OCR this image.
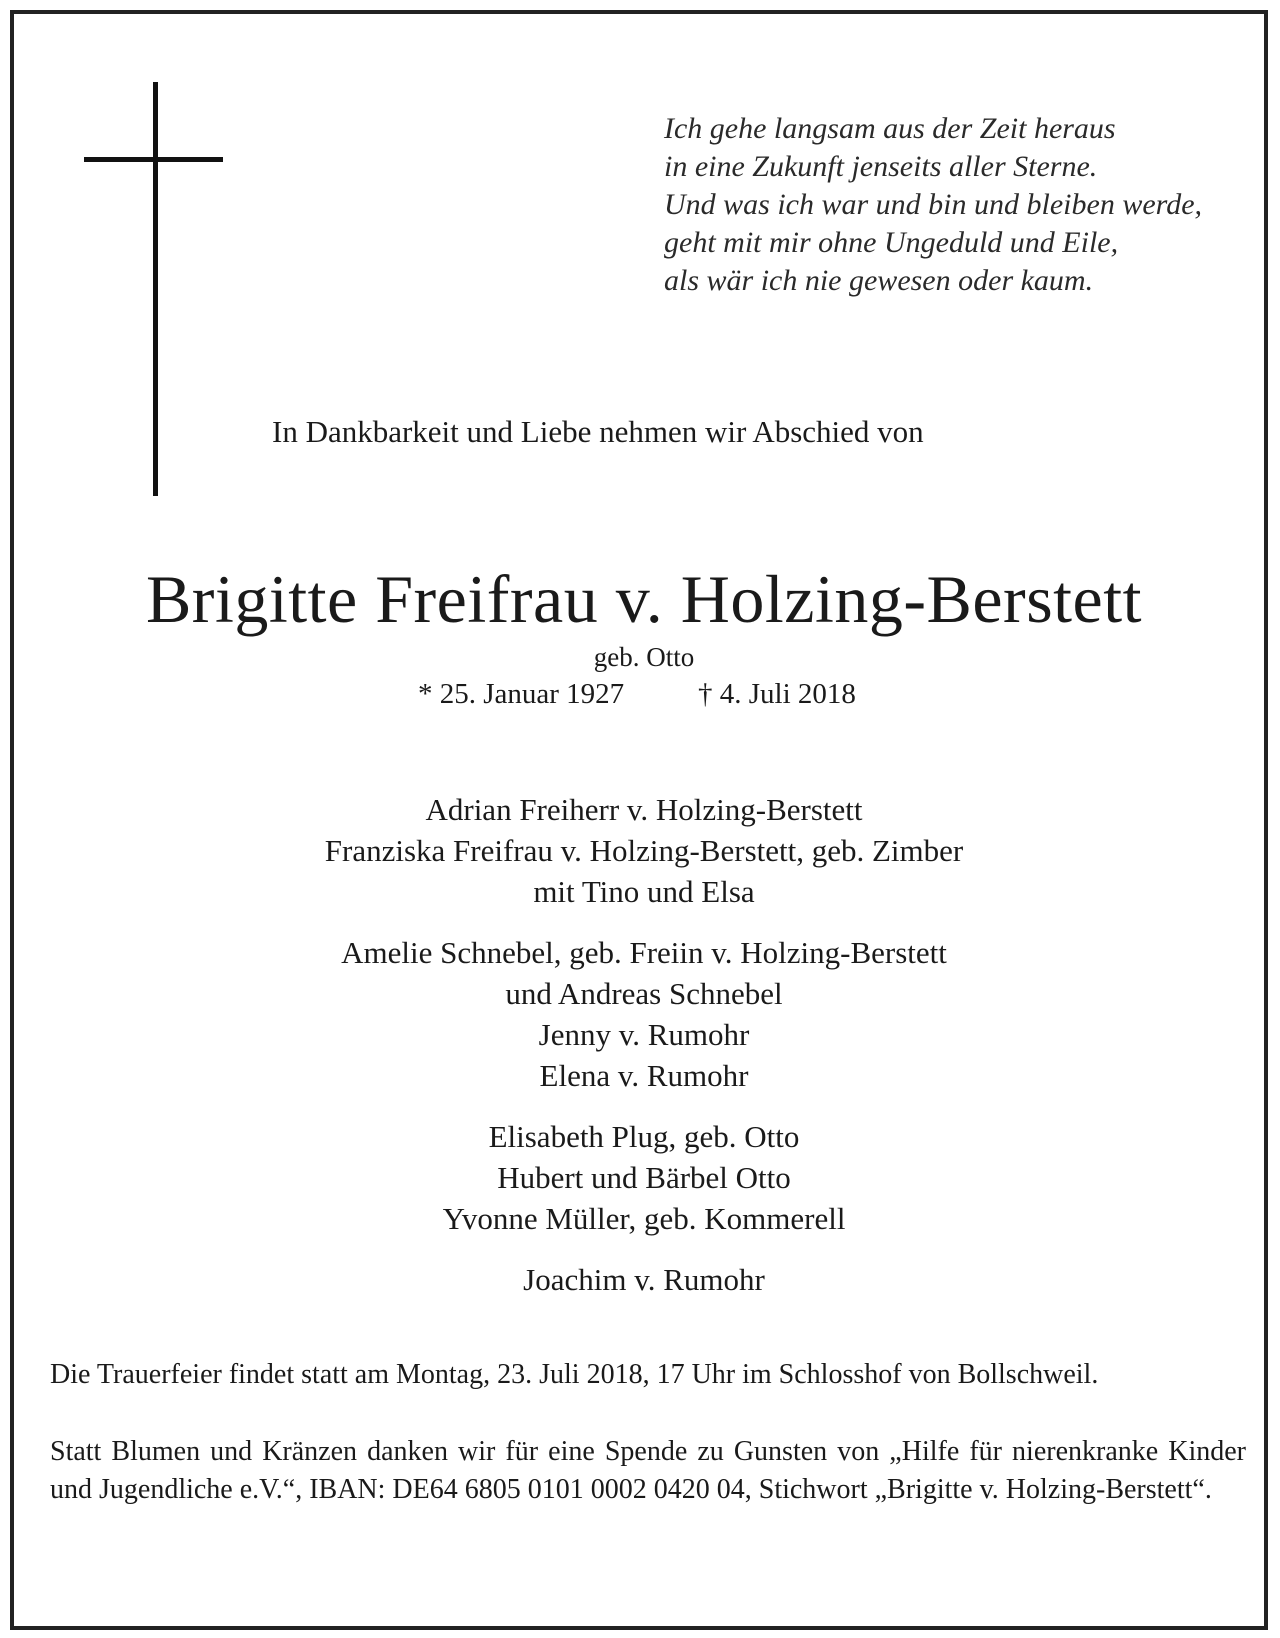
Ich gehe langsam aus der Zeit heraus
in eine Zukunft jenseits aller Sterne.
Und was ich war und bin und bleiben werde,
geht mit mir ohne Ungeduld und Eile,
als wär ich nie gewesen oder kaum.
In Dankbarkeit und Liebe nehmen wir Abschied von
Brigitte Freifrau v. Holzing-Berstett
geb. Otto
* 25. Januar 1927	† 4. Juli 2018
Adrian Freiherr v. Holzing-Berstett
Franziska Freifrau v. Holzing-Berstett, geb. Zimber
mit Tino und Elsa
Amelie Schnebel, geb. Freiin v. Holzing-Berstett
und Andreas Schnebel
Jenny v. Rumohr
Elena v. Rumohr
Elisabeth Plug, geb. Otto
Hubert und Bärbel Otto
Yvonne Müller, geb. Kommerell
Joachim v. Rumohr
Die Trauerfeier findet statt am Montag, 23. Juli 2018, 17 Uhr im Schlosshof von Bollschweil.
Statt Blumen und Kränzen danken wir für eine Spende zu Gunsten von „Hilfe für nierenkranke Kinder und Jugendliche e.V.“, IBAN: DE64 6805 0101 0002 0420 04, Stichwort „Brigitte v. Holzing-Berstett“.
